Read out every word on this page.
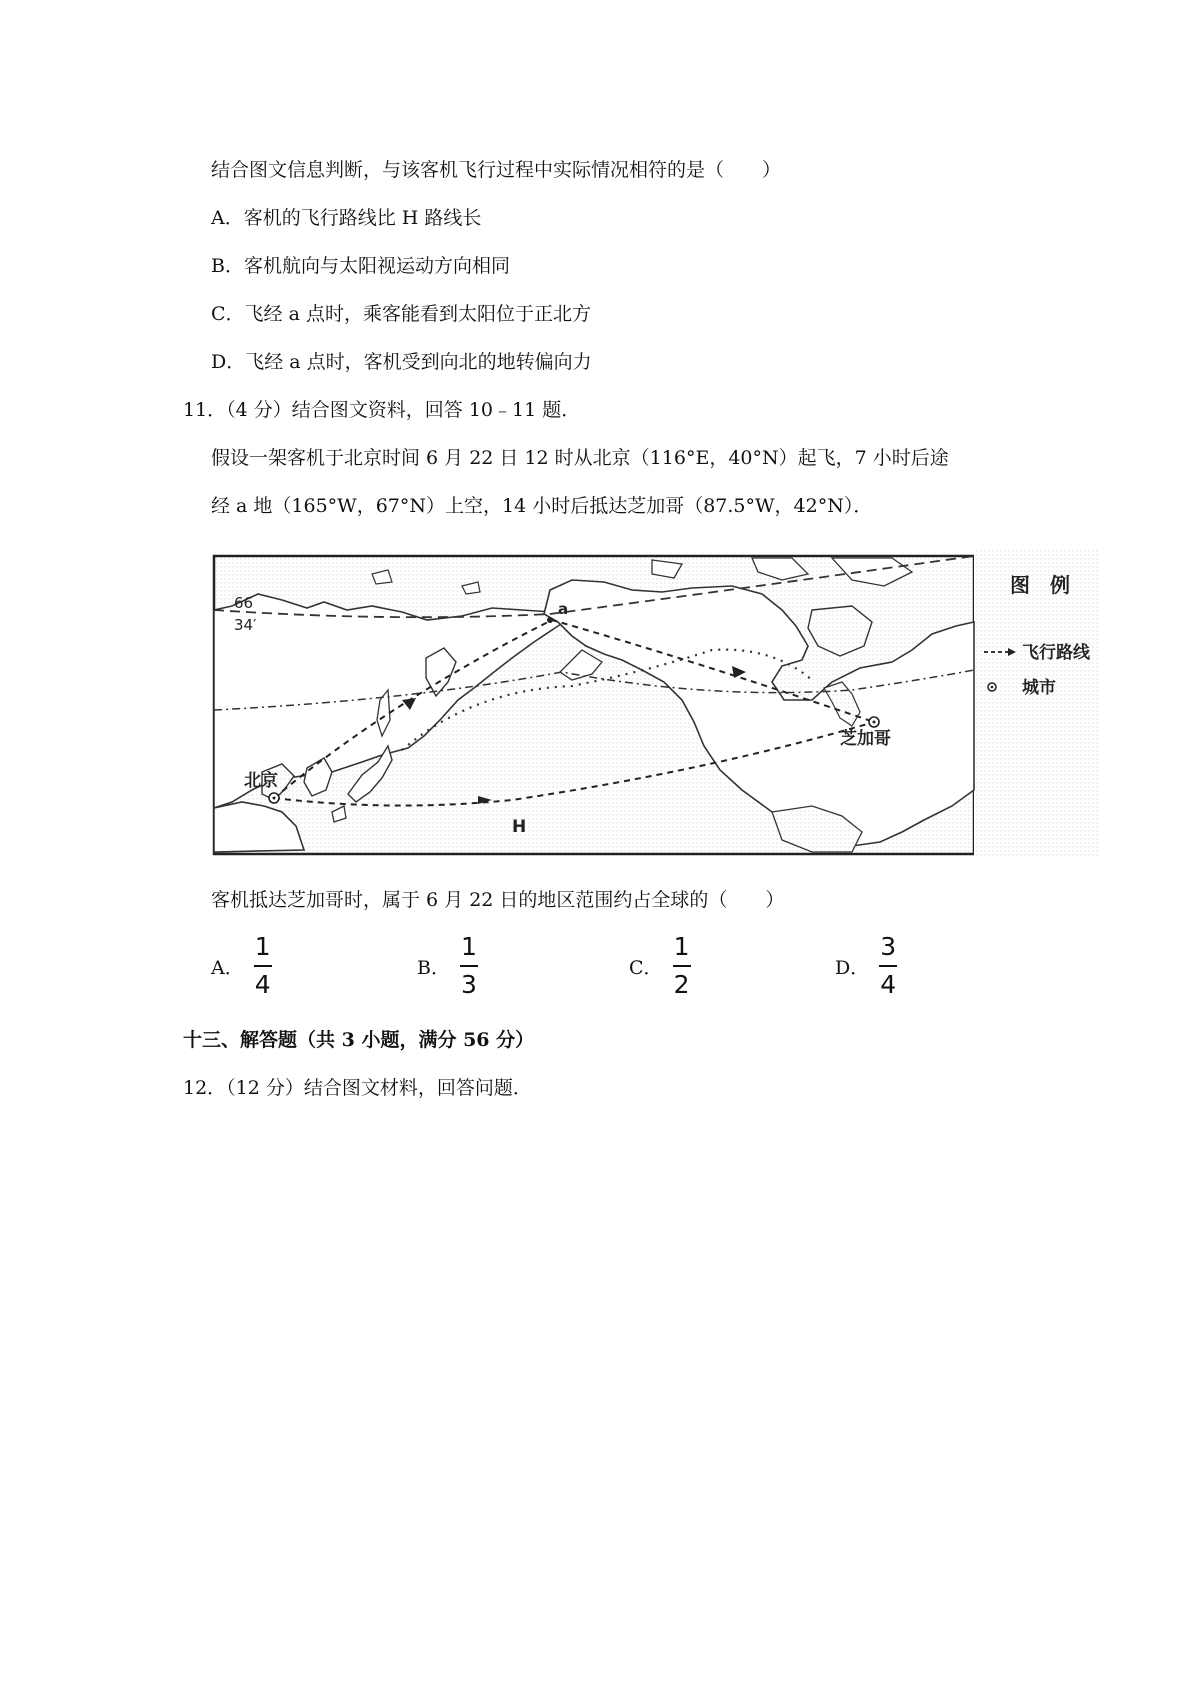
结合图文信息判断，与该客机飞行过程中实际情况相符的是（　　）
A．客机的飞行路线比 H 路线长
B．客机航向与太阳视运动方向相同
C．飞经 a 点时，乘客能看到太阳位于正北方
D．飞经 a 点时，客机受到向北的地转偏向力
11．（4 分）结合图文资料，回答 10﹣11 题．
假设一架客机于北京时间 6 月 22 日 12 时从北京（116°E，40°N）起飞，7 小时后途
经 a 地（165°W，67°N）上空，14 小时后抵达芝加哥（87.5°W，42°N）．
66
34′
H
a
北京
芝加哥
图　例
飞行路线
城市
客机抵达芝加哥时，属于 6 月 22 日的地区范围约占全球的（　　）
A． $\frac{1}{4}$	B． $\frac{1}{3}$	C． $\frac{1}{2}$	D． $\frac{3}{4}$
十三、解答题（共 3 小题，满分 56 分）
12．（12 分）结合图文材料，回答问题．
